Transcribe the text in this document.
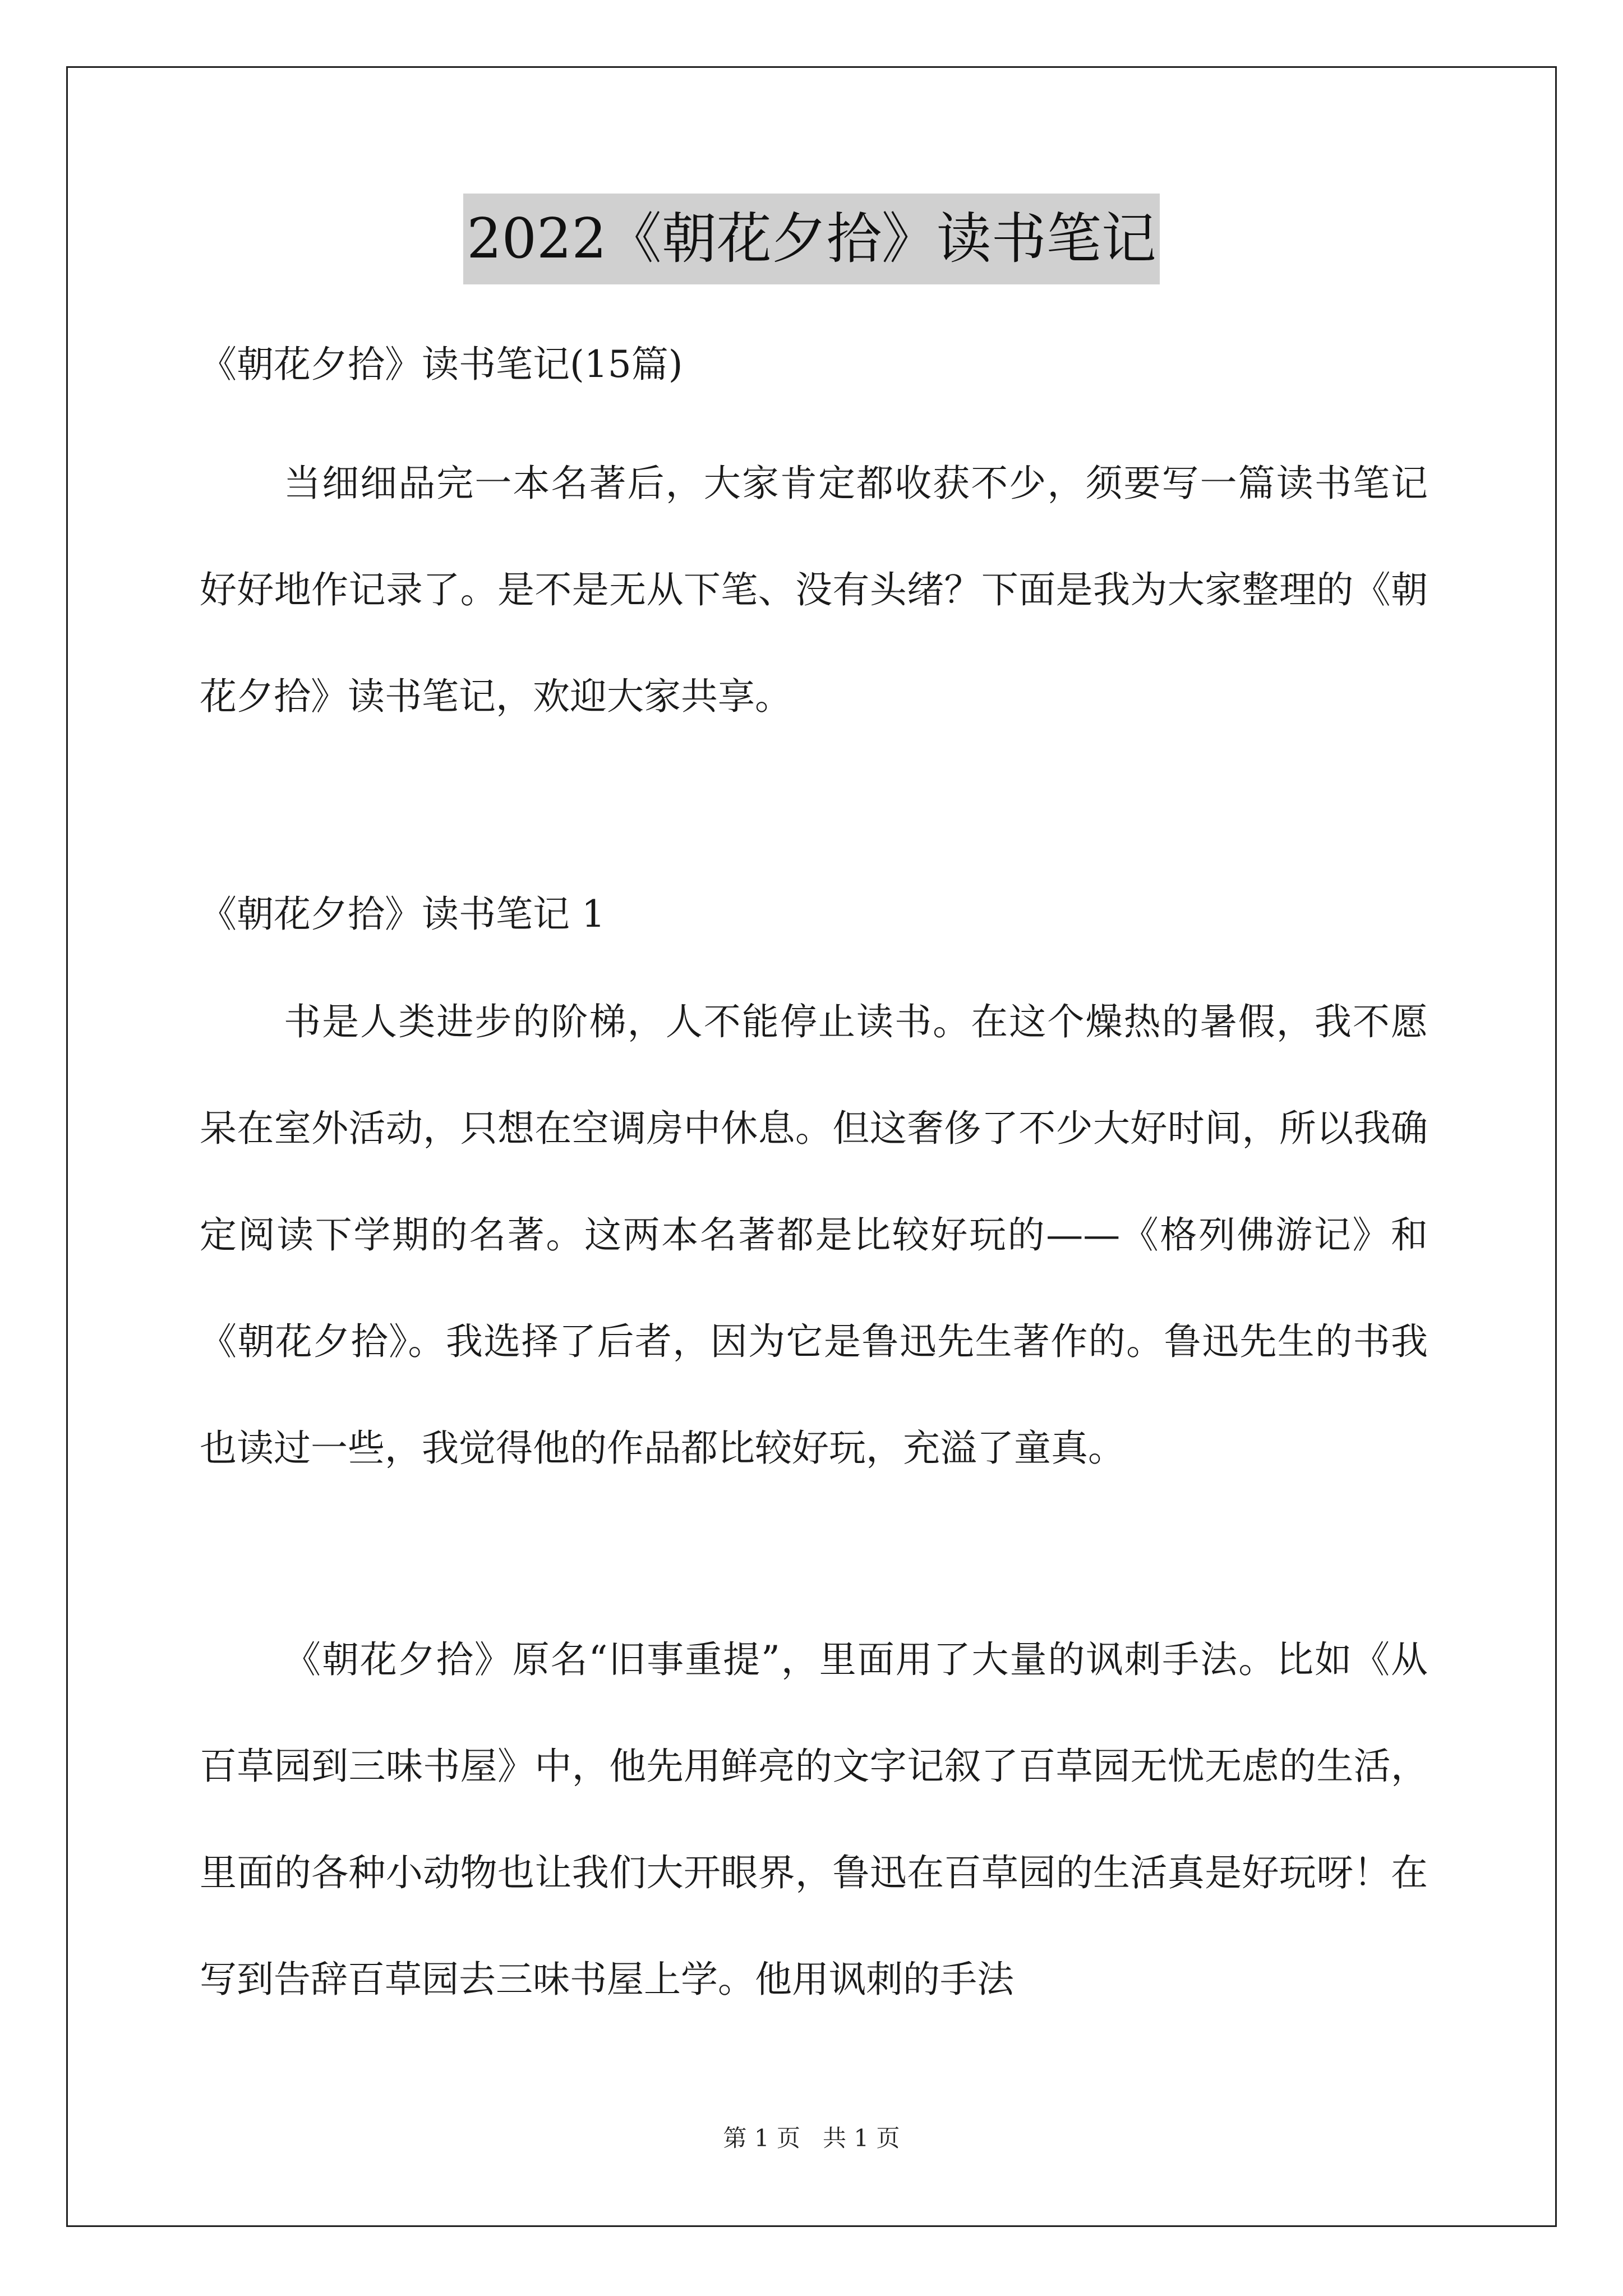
2022《朝花夕拾》读书笔记
《朝花夕拾》读书笔记(15篇)

当细细品完一本名著后，大家肯定都收获不少，须要写一篇读书笔记好好地作记录了。是不是无从下笔、没有头绪？下面是我为大家整理的《朝花夕拾》读书笔记，欢迎大家共享。

《朝花夕拾》读书笔记 1

书是人类进步的阶梯，人不能停止读书。在这个燥热的暑假，我不愿呆在室外活动，只想在空调房中休息。但这奢侈了不少大好时间，所以我确定阅读下学期的名著。这两本名著都是比较好玩的——《格列佛游记》和《朝花夕拾》。我选择了后者，因为它是鲁迅先生著作的。鲁迅先生的书我也读过一些，我觉得他的作品都比较好玩，充溢了童真。

《朝花夕拾》原名“旧事重提”，里面用了大量的讽刺手法。比如《从百草园到三味书屋》中，他先用鲜亮的文字记叙了百草园无忧无虑的生活，里面的各种小动物也让我们大开眼界，鲁迅在百草园的生活真是好玩呀！在写到告辞百草园去三味书屋上学。他用讽刺的手法

第 1 页 共 1 页
